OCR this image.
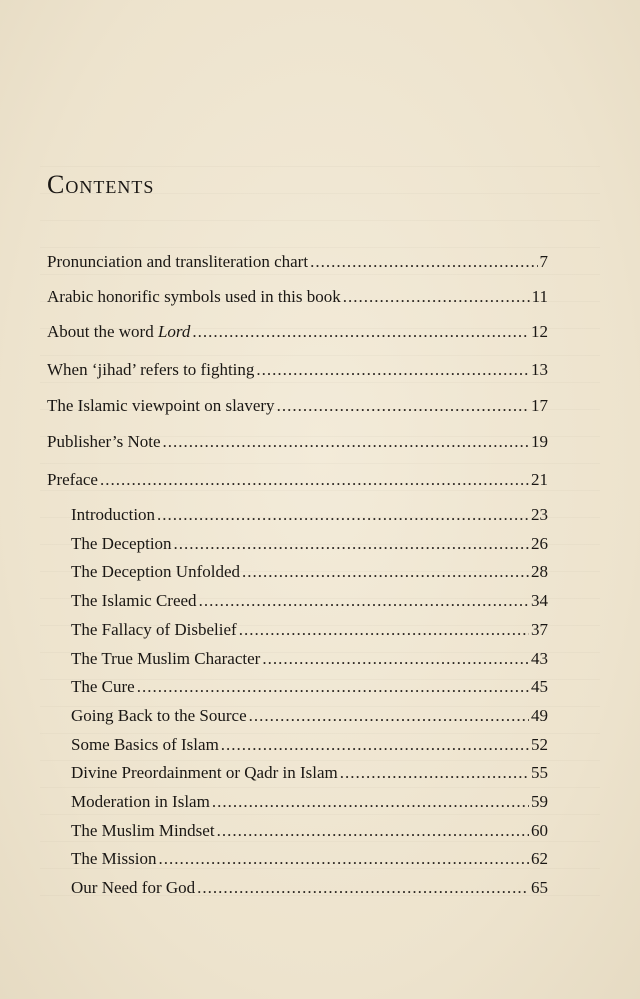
Contents
Pronunciation and transliteration chart .....	7
Arabic honorific symbols used in this book .....	11
About the word Lord .....	12
When ‘jihad’ refers to fighting .....	13
The Islamic viewpoint on slavery .....	17
Publisher’s Note .....	19
Preface .....	21
Introduction .....	23
The Deception .....	26
The Deception Unfolded .....	28
The Islamic Creed .....	34
The Fallacy of Disbelief .....	37
The True Muslim Character .....	43
The Cure .....	45
Going Back to the Source .....	49
Some Basics of Islam .....	52
Divine Preordainment or Qadr in Islam .....	55
Moderation in Islam .....	59
The Muslim Mindset .....	60
The Mission .....	62
Our Need for God .....	65
